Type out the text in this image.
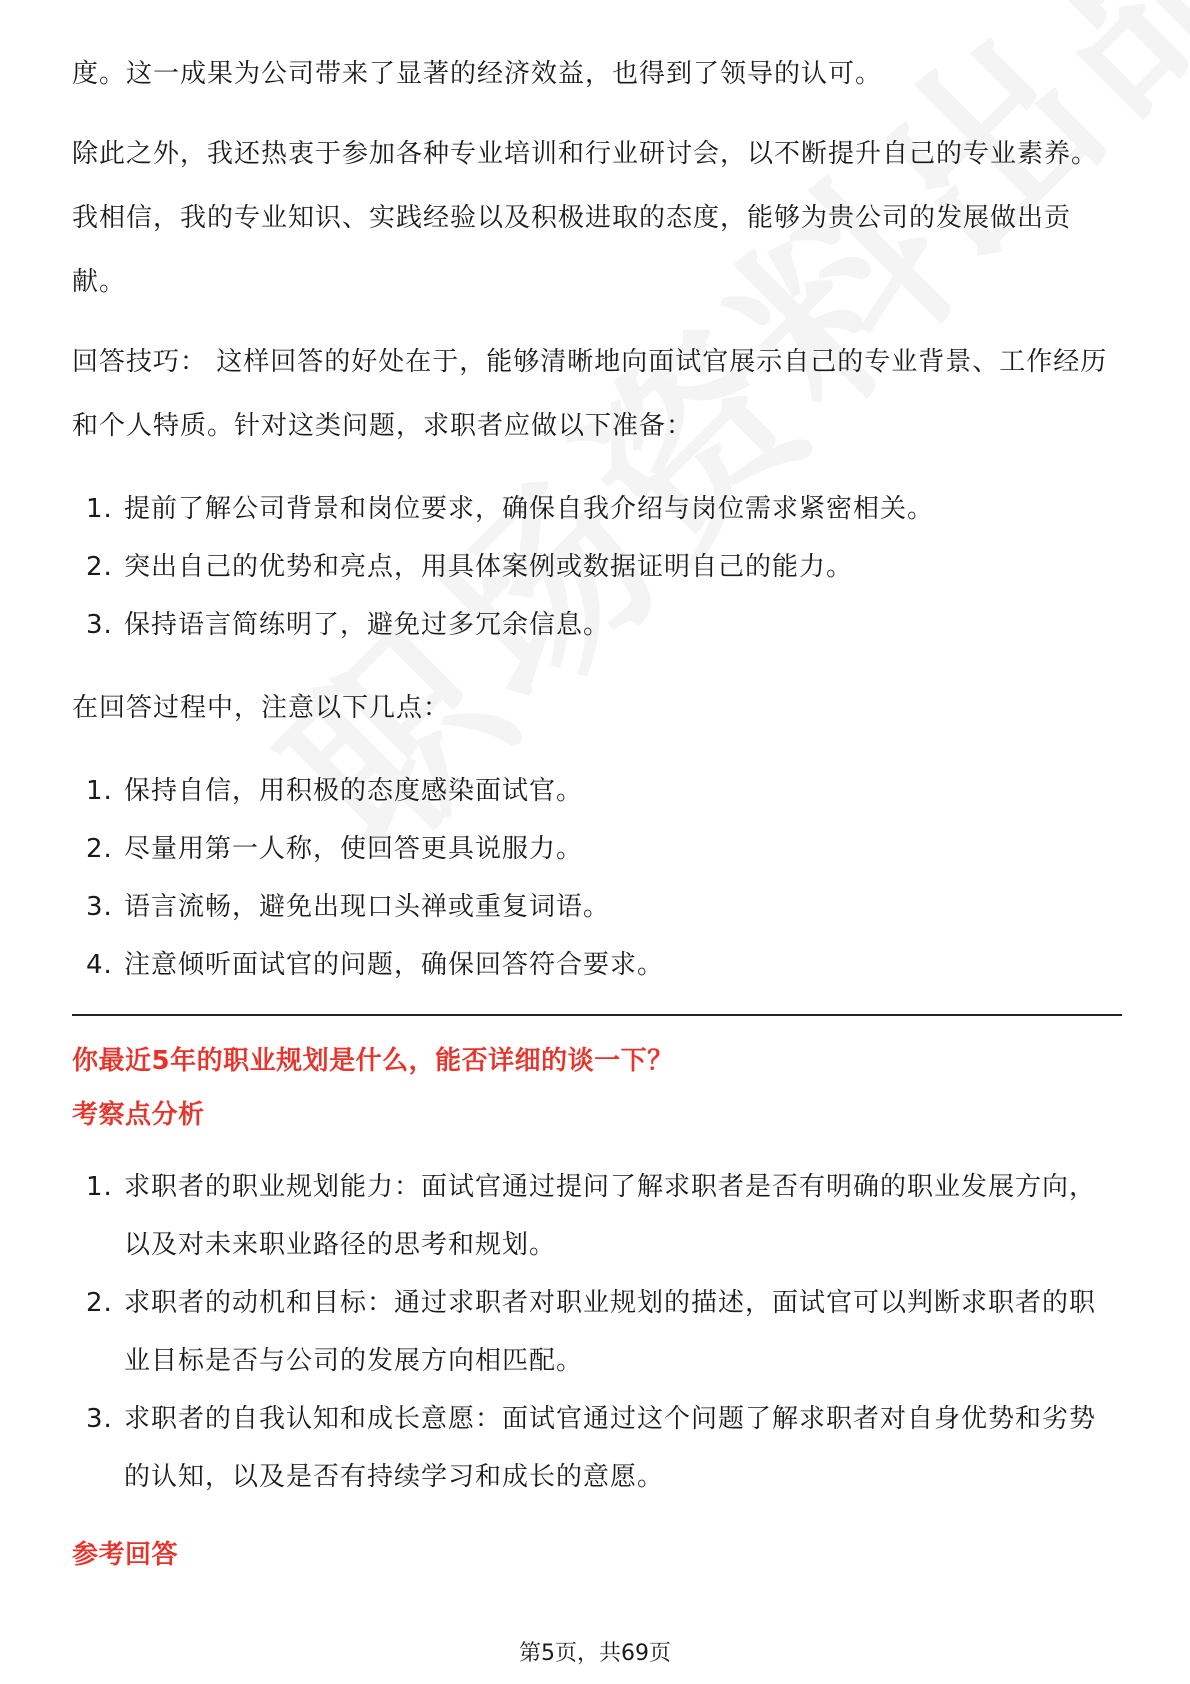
度。这一成果为公司带来了显著的经济效益，也得到了领导的认可。

除此之外，我还热衷于参加各种专业培训和行业研讨会，以不断提升自己的专业素养。我相信，我的专业知识、实践经验以及积极进取的态度，能够为贵公司的发展做出贡献。

回答技巧： 这样回答的好处在于，能够清晰地向面试官展示自己的专业背景、工作经历和个人特质。针对这类问题，求职者应做以下准备：

1. 提前了解公司背景和岗位要求，确保自我介绍与岗位需求紧密相关。
2. 突出自己的优势和亮点，用具体案例或数据证明自己的能力。
3. 保持语言简练明了，避免过多冗余信息。

在回答过程中，注意以下几点：

1. 保持自信，用积极的态度感染面试官。
2. 尽量用第一人称，使回答更具说服力。
3. 语言流畅，避免出现口头禅或重复词语。
4. 注意倾听面试官的问题，确保回答符合要求。

你最近5年的职业规划是什么，能否详细的谈一下？

考察点分析

1. 求职者的职业规划能力：面试官通过提问了解求职者是否有明确的职业发展方向，以及对未来职业路径的思考和规划。
2. 求职者的动机和目标：通过求职者对职业规划的描述，面试官可以判断求职者的职业目标是否与公司的发展方向相匹配。
3. 求职者的自我认知和成长意愿：面试官通过这个问题了解求职者对自身优势和劣势的认知，以及是否有持续学习和成长的意愿。

参考回答

第5页，共69页
